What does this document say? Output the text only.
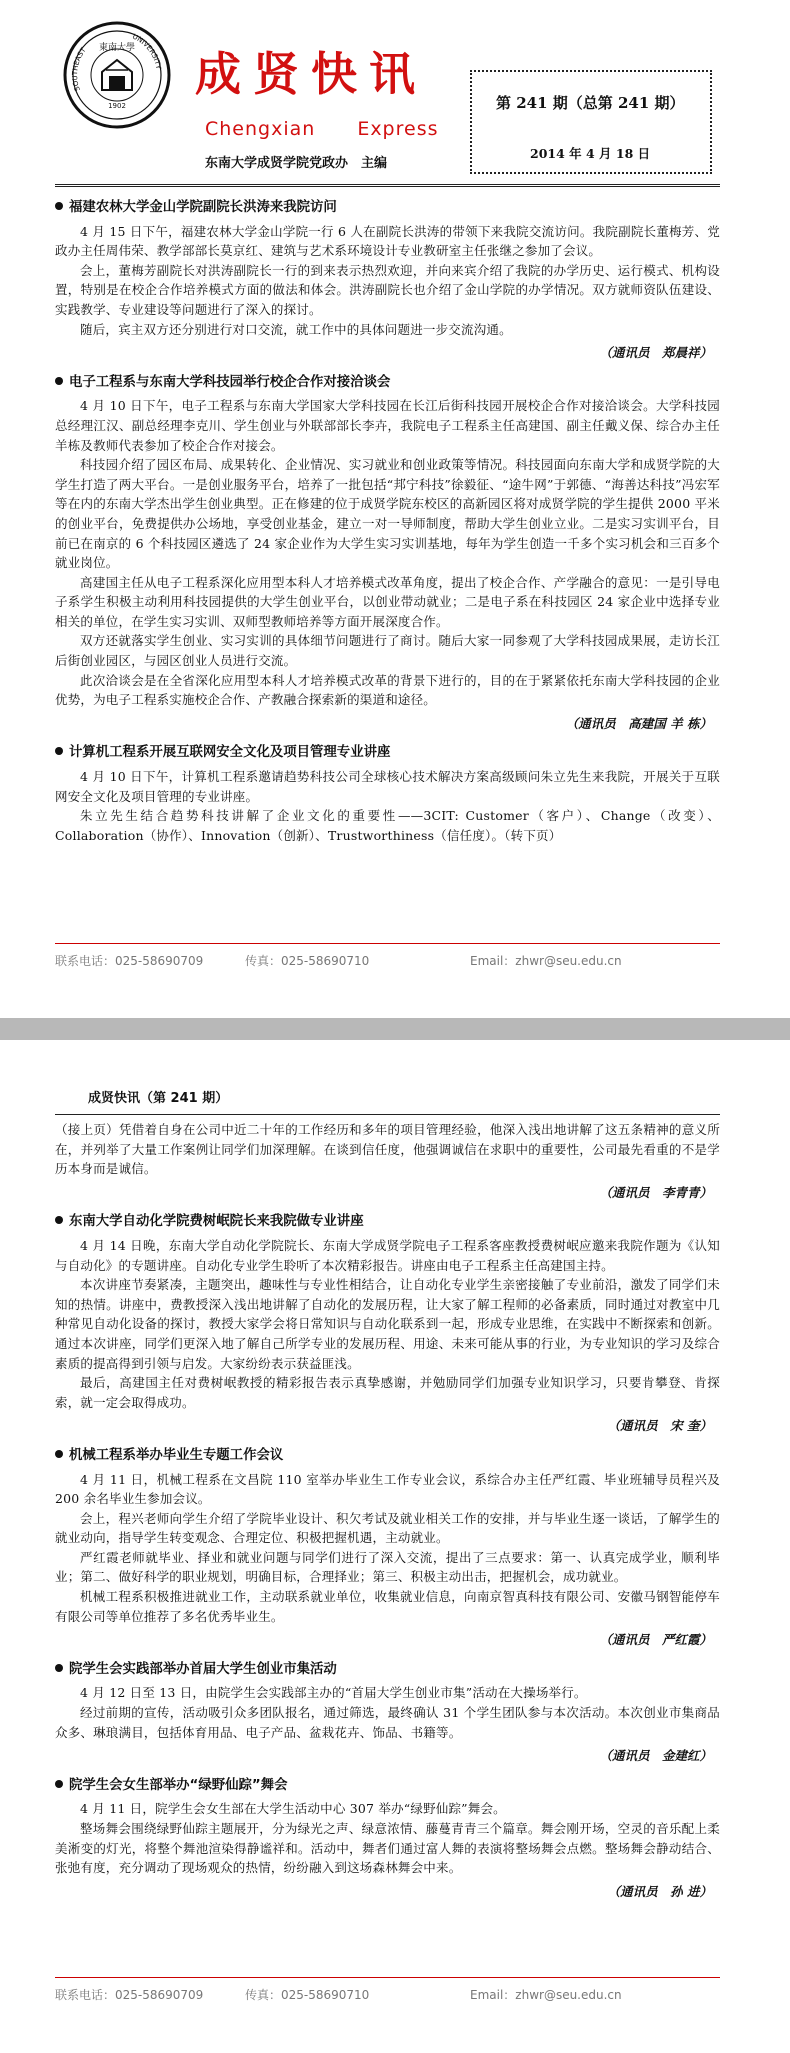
東南大學
1902
SOUTHEAST
UNIVERSITY 成贤快讯
Chengxian Express
东南大学成贤学院党政办　主编
第 241 期（总第 241 期）
2014 年 4 月 18 日
福建农林大学金山学院副院长洪涛来我院访问

4 月 15 日下午，福建农林大学金山学院一行 6 人在副院长洪涛的带领下来我院交流访问。我院副院长董梅芳、党政办主任周伟荣、教学部部长莫京红、建筑与艺术系环境设计专业教研室主任张继之参加了会议。

会上，董梅芳副院长对洪涛副院长一行的到来表示热烈欢迎，并向来宾介绍了我院的办学历史、运行模式、机构设置，特别是在校企合作培养模式方面的做法和体会。洪涛副院长也介绍了金山学院的办学情况。双方就师资队伍建设、实践教学、专业建设等问题进行了深入的探讨。

随后，宾主双方还分别进行对口交流，就工作中的具体问题进一步交流沟通。

（通讯员　郑晨祥）
电子工程系与东南大学科技园举行校企合作对接洽谈会

4 月 10 日下午，电子工程系与东南大学国家大学科技园在长江后街科技园开展校企合作对接洽谈会。大学科技园总经理江汉、副总经理李克川、学生创业与外联部部长李卉，我院电子工程系主任高建国、副主任戴义保、综合办主任羊栋及教师代表参加了校企合作对接会。

科技园介绍了园区布局、成果转化、企业情况、实习就业和创业政策等情况。科技园面向东南大学和成贤学院的大学生打造了两大平台。一是创业服务平台，培养了一批包括“邦宁科技”徐毅征、“途牛网”于郭德、“海善达科技”冯宏军等在内的东南大学杰出学生创业典型。正在修建的位于成贤学院东校区的高新园区将对成贤学院的学生提供 2000 平米的创业平台，免费提供办公场地，享受创业基金，建立一对一导师制度，帮助大学生创业立业。二是实习实训平台，目前已在南京的 6 个科技园区遴选了 24 家企业作为大学生实习实训基地，每年为学生创造一千多个实习机会和三百多个就业岗位。

高建国主任从电子工程系深化应用型本科人才培养模式改革角度，提出了校企合作、产学融合的意见：一是引导电子系学生积极主动利用科技园提供的大学生创业平台，以创业带动就业；二是电子系在科技园区 24 家企业中选择专业相关的单位，在学生实习实训、双师型教师培养等方面开展深度合作。

双方还就落实学生创业、实习实训的具体细节问题进行了商讨。随后大家一同参观了大学科技园成果展，走访长江后街创业园区，与园区创业人员进行交流。

此次洽谈会是在全省深化应用型本科人才培养模式改革的背景下进行的，目的在于紧紧依托东南大学科技园的企业优势，为电子工程系实施校企合作、产教融合探索新的渠道和途径。

（通讯员　高建国 羊 栋）
计算机工程系开展互联网安全文化及项目管理专业讲座

4 月 10 日下午，计算机工程系邀请趋势科技公司全球核心技术解决方案高级顾问朱立先生来我院，开展关于互联网安全文化及项目管理的专业讲座。

朱立先生结合趋势科技讲解了企业文化的重要性——3CIT: Customer（客户）、Change（改变）、Collaboration（协作）、Innovation（创新）、Trustworthiness（信任度）。（转下页）

联系电话：025-58690709	传真：025-58690710	Email：zhwr@seu.edu.cn
成贤快讯（第 241 期）

（接上页）凭借着自身在公司中近二十年的工作经历和多年的项目管理经验，他深入浅出地讲解了这五条精神的意义所在，并列举了大量工作案例让同学们加深理解。在谈到信任度，他强调诚信在求职中的重要性，公司最先看重的不是学历本身而是诚信。

（通讯员　李青青）
东南大学自动化学院费树岷院长来我院做专业讲座

4 月 14 日晚，东南大学自动化学院院长、东南大学成贤学院电子工程系客座教授费树岷应邀来我院作题为《认知与自动化》的专题讲座。自动化专业学生聆听了本次精彩报告。讲座由电子工程系主任高建国主持。

本次讲座节奏紧凑，主题突出，趣味性与专业性相结合，让自动化专业学生亲密接触了专业前沿，激发了同学们未知的热情。讲座中，费教授深入浅出地讲解了自动化的发展历程，让大家了解工程师的必备素质，同时通过对教室中几种常见自动化设备的探讨，教授大家学会将日常知识与自动化联系到一起，形成专业思维，在实践中不断探索和创新。通过本次讲座，同学们更深入地了解自己所学专业的发展历程、用途、未来可能从事的行业，为专业知识的学习及综合素质的提高得到引领与启发。大家纷纷表示获益匪浅。

最后，高建国主任对费树岷教授的精彩报告表示真挚感谢，并勉励同学们加强专业知识学习，只要肯攀登、肯探索，就一定会取得成功。

（通讯员　宋 奎）
机械工程系举办毕业生专题工作会议

4 月 11 日，机械工程系在文昌院 110 室举办毕业生工作专业会议，系综合办主任严红霞、毕业班辅导员程兴及 200 余名毕业生参加会议。

会上，程兴老师向学生介绍了学院毕业设计、积欠考试及就业相关工作的安排，并与毕业生逐一谈话，了解学生的就业动向，指导学生转变观念、合理定位、积极把握机遇，主动就业。

严红霞老师就毕业、择业和就业问题与同学们进行了深入交流，提出了三点要求：第一、认真完成学业，顺利毕业；第二、做好科学的职业规划，明确目标，合理择业；第三、积极主动出击，把握机会，成功就业。

机械工程系积极推进就业工作，主动联系就业单位，收集就业信息，向南京智真科技有限公司、安徽马钢智能停车有限公司等单位推荐了多名优秀毕业生。

（通讯员　严红霞）
院学生会实践部举办首届大学生创业市集活动

4 月 12 日至 13 日，由院学生会实践部主办的“首届大学生创业市集”活动在大操场举行。

经过前期的宣传，活动吸引众多团队报名，通过筛选，最终确认 31 个学生团队参与本次活动。本次创业市集商品众多、琳琅满目，包括体育用品、电子产品、盆栽花卉、饰品、书籍等。

（通讯员　金建红）
院学生会女生部举办“绿野仙踪”舞会

4 月 11 日，院学生会女生部在大学生活动中心 307 举办“绿野仙踪”舞会。

整场舞会围绕绿野仙踪主题展开，分为绿光之声、绿意浓情、藤蔓青青三个篇章。舞会刚开场，空灵的音乐配上柔美淅变的灯光，将整个舞池渲染得静谧祥和。活动中，舞者们通过富人舞的表演将整场舞会点燃。整场舞会静动结合、张弛有度，充分调动了现场观众的热情，纷纷融入到这场森林舞会中来。

（通讯员　孙 进）
联系电话：025-58690709	传真：025-58690710	Email：zhwr@seu.edu.cn
